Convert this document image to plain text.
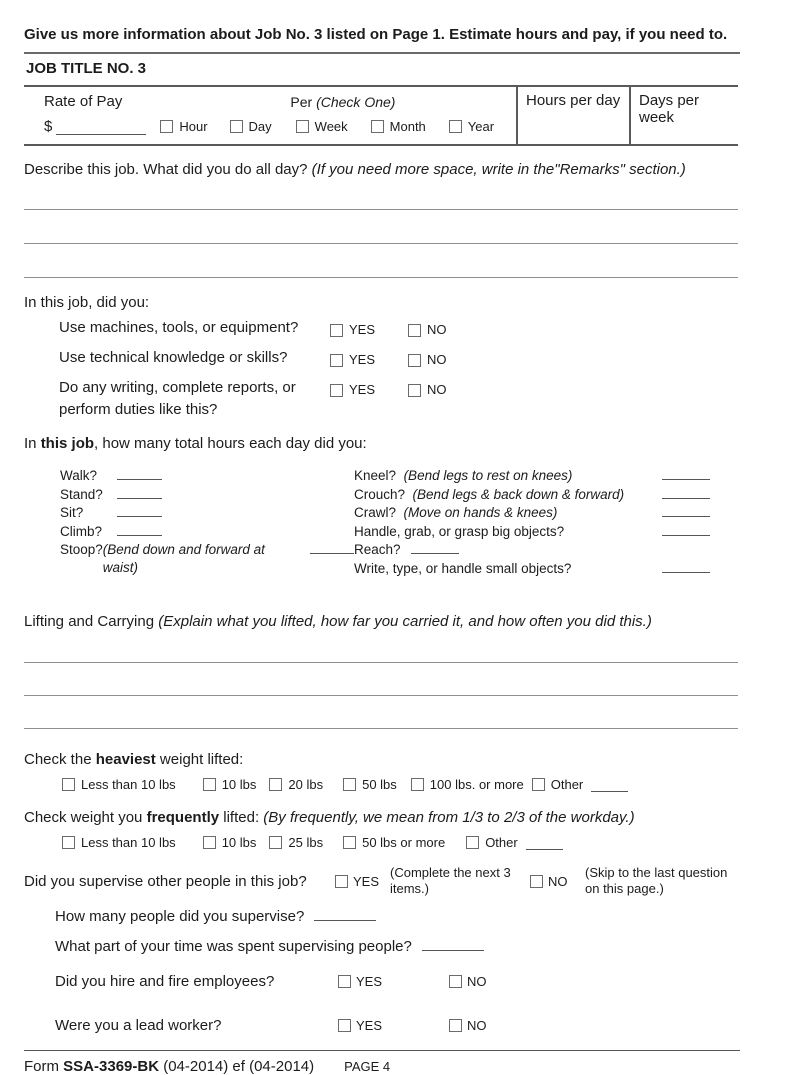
Give us more information about Job No. 3 listed on Page 1. Estimate hours and pay, if you need to.

JOB TITLE NO. 3
Rate of Pay	Per (Check One)
$	Hour	Day	Week	Month	Year
Hours per day	Days per week

Describe this job. What did you do all day? (If you need more space, write in the"Remarks" section.)

In this job, did you:
Use machines, tools, or equipment?	YES	NO
Use technical knowledge or skills?	YES	NO
Do any writing, complete reports, or perform duties like this?
YES	NO
In this job, how many total hours each day did you:
Walk?
Stand?
Sit?
Climb?
Stoop? (Bend down and forward at waist)
Kneel?
(Bend legs to rest on knees)
Crouch?
(Bend legs & back down & forward)
Crawl?
(Move on hands & knees)
Handle, grab, or grasp big objects?
Reach?
Write, type, or handle small objects?
Lifting and Carrying (Explain what you lifted, how far you carried it, and how often you did this.)
Check the heaviest weight lifted:
Less than 10 lbs	10 lbs 20 lbs	50 lbs	100 lbs. or more Other
Check weight you frequently lifted: (By frequently, we mean from 1/3 to 2/3 of the workday.)
Less than 10 lbs	10 lbs 25 lbs	50 lbs or more	Other
Did you supervise other people in this job?	YES
(Complete the next 3 items.)	NO
(Skip to the last question on this page.)
How many people did you supervise?
What part of your time was spent supervising people?
Did you hire and fire employees?	YES	NO
Were you a lead worker?	YES	NO
Form SSA-3369-BK (04-2014) ef (04-2014) PAGE 4
